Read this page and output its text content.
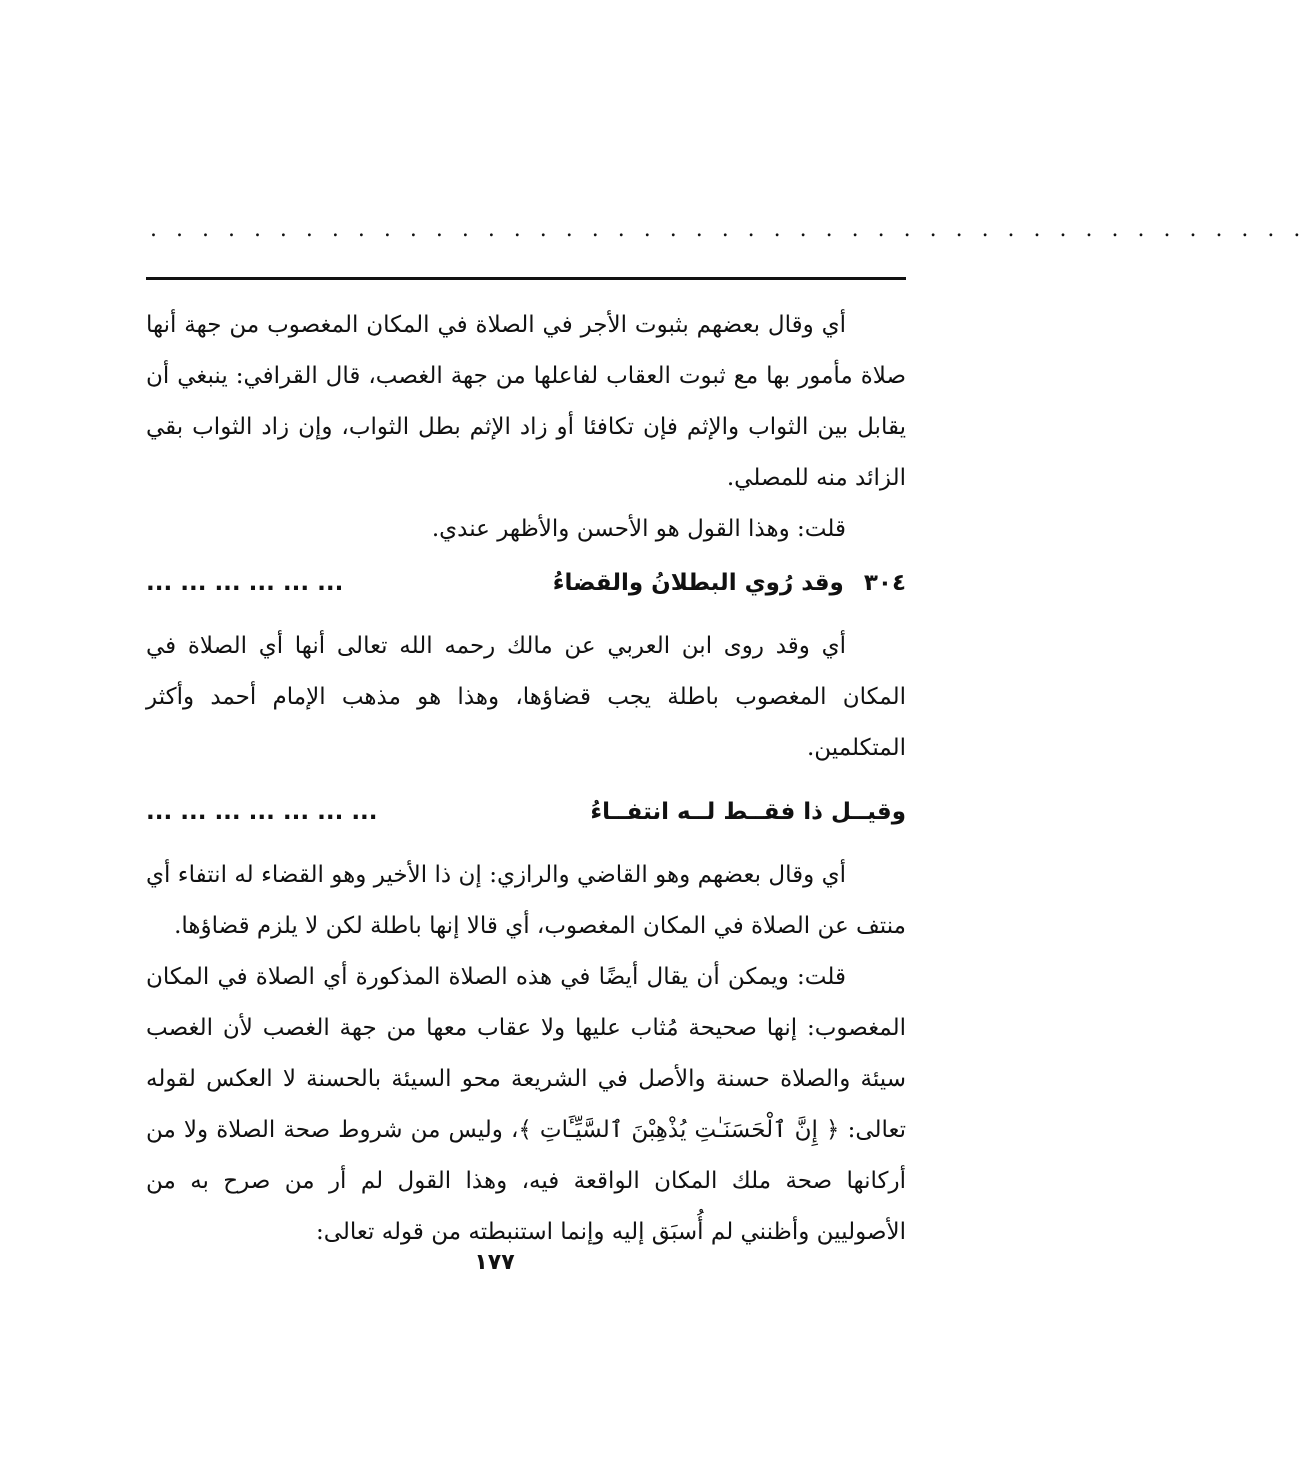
. . . . . . . . . . . . . . . . . . . . . . . . . . . . . . . . . . . . . . . . . . . . .

أي وقال بعضهم بثبوت الأجر في الصلاة في المكان المغصوب من جهة أنها صلاة مأمور بها مع ثبوت العقاب لفاعلها من جهة الغصب، قال القرافي: ينبغي أن يقابل بين الثواب والإثم فإن تكافئا أو زاد الإثم بطل الثواب، وإن زاد الثواب بقي الزائد منه للمصلي.

قلت: وهذا القول هو الأحسن والأظهر عندي.

٣٠٤ وقد رُوي البطلانُ والقضاءُ
... ... ... ... ... ...

أي وقد روى ابن العربي عن مالك رحمه الله تعالى أنها أي الصلاة في المكان المغصوب باطلة يجب قضاؤها، وهذا هو مذهب الإمام أحمد وأكثر المتكلمين.

وقيــل ذا فقــط لــه انتفــاءُ
... ... ... ... ... ... ...

أي وقال بعضهم وهو القاضي والرازي: إن ذا الأخير وهو القضاء له انتفاء أي منتف عن الصلاة في المكان المغصوب، أي قالا إنها باطلة لكن لا يلزم قضاؤها.

قلت: ويمكن أن يقال أيضًا في هذه الصلاة المذكورة أي الصلاة في المكان المغصوب: إنها صحيحة مُثاب عليها ولا عقاب معها من جهة الغصب لأن الغصب سيئة والصلاة حسنة والأصل في الشريعة محو السيئة بالحسنة لا العكس لقوله تعالى: ﴿ إِنَّ ٱلْحَسَنَـٰتِ يُذْهِبْنَ ٱلسَّيِّـَٔاتِ ﴾، وليس من شروط صحة الصلاة ولا من أركانها صحة ملك المكان الواقعة فيه، وهذا القول لم أر من صرح به من الأصوليين وأظنني لم أُسبَق إليه وإنما استنبطته من قوله تعالى:

١٧٧
